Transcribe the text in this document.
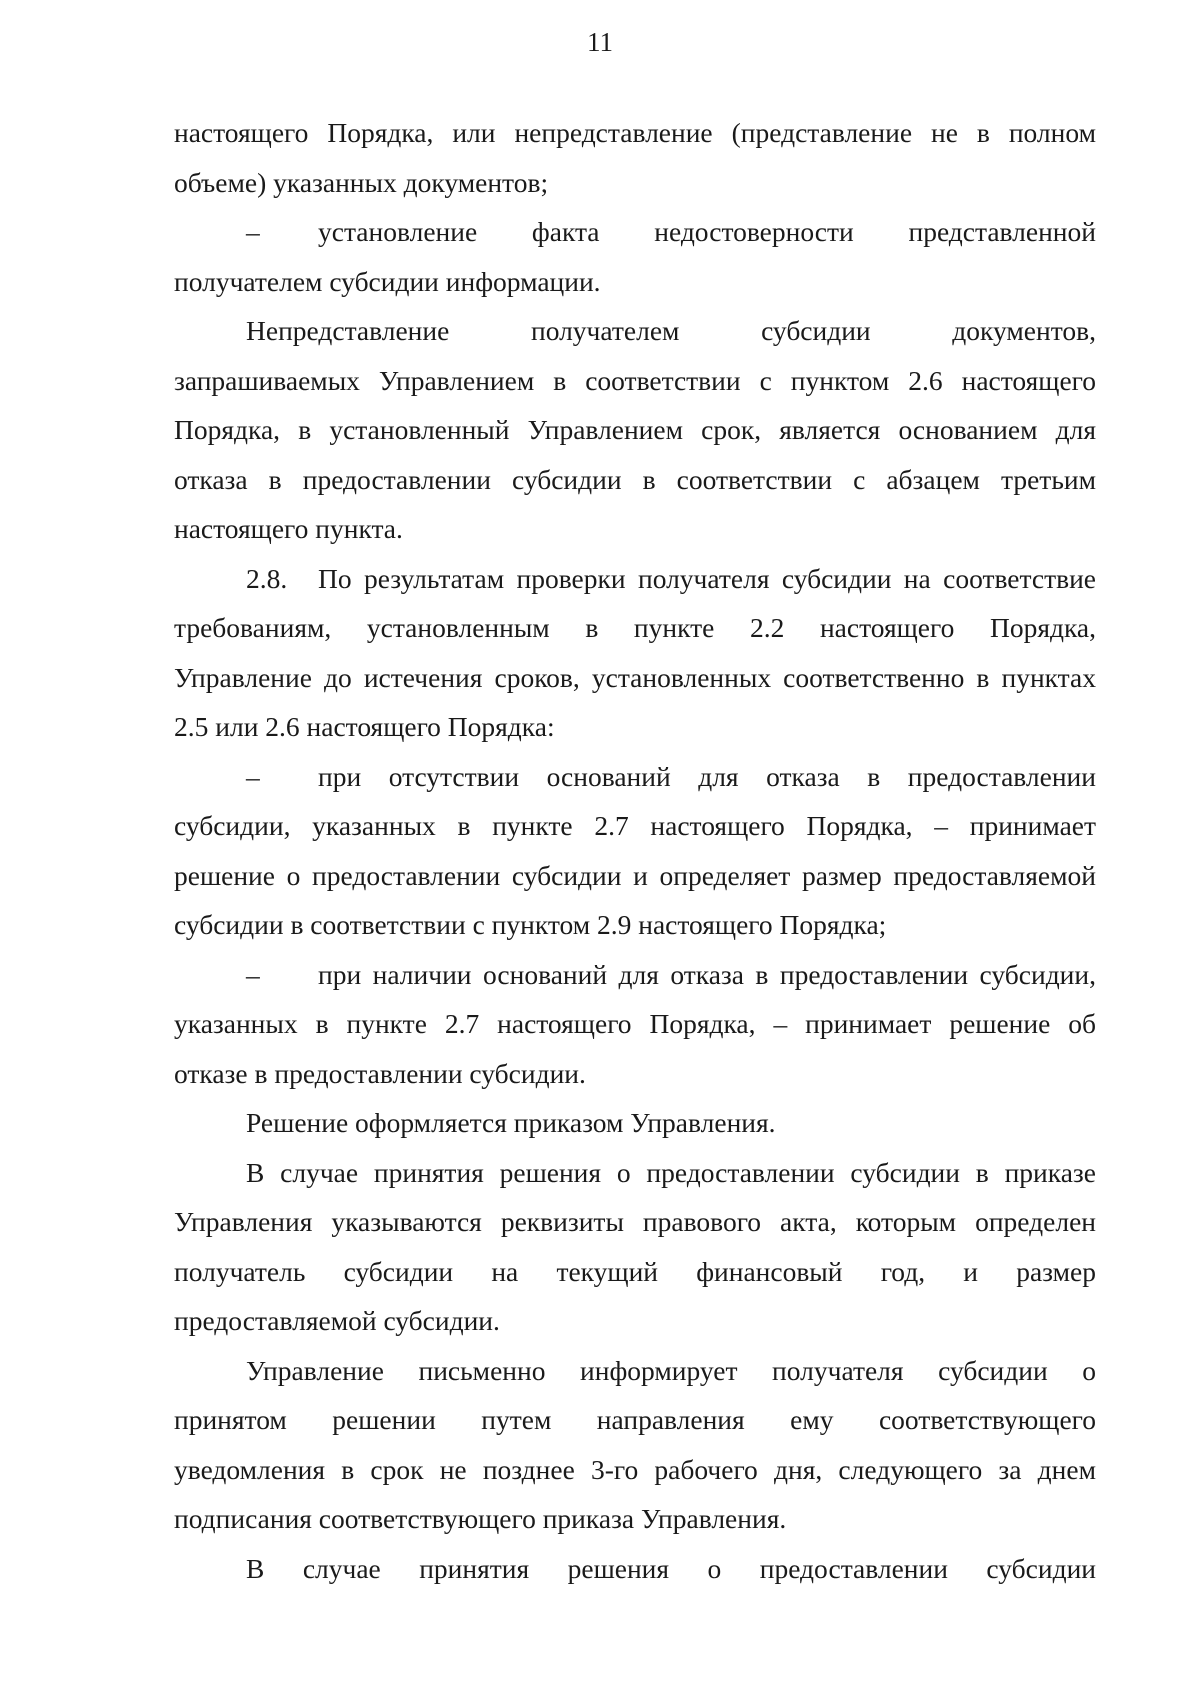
11
настоящего Порядка, или непредставление (представление не в полном
объеме) указанных документов;
–	установление факта недостоверности представленной
получателем субсидии информации.
Непредставление получателем субсидии документов,
запрашиваемых Управлением в соответствии с пунктом 2.6 настоящего
Порядка, в установленный Управлением срок, является основанием для
отказа в предоставлении субсидии в соответствии с абзацем третьим
настоящего пункта.
2.8.	По результатам проверки получателя субсидии на соответствие
требованиям, установленным в пункте 2.2 настоящего Порядка,
Управление до истечения сроков, установленных соответственно в пунктах
2.5 или 2.6 настоящего Порядка:
–	при отсутствии оснований для отказа в предоставлении
субсидии, указанных в пункте 2.7 настоящего Порядка, – принимает
решение о предоставлении субсидии и определяет размер предоставляемой
субсидии в соответствии с пунктом 2.9 настоящего Порядка;
–	при наличии оснований для отказа в предоставлении субсидии,
указанных в пункте 2.7 настоящего Порядка, – принимает решение об
отказе в предоставлении субсидии.
Решение оформляется приказом Управления.
В случае принятия решения о предоставлении субсидии в приказе
Управления указываются реквизиты правового акта, которым определен
получатель субсидии на текущий финансовый год, и размер
предоставляемой субсидии.
Управление письменно информирует получателя субсидии о
принятом решении путем направления ему соответствующего
уведомления в срок не позднее 3-го рабочего дня, следующего за днем
подписания соответствующего приказа Управления.
В случае принятия решения о предоставлении субсидии
